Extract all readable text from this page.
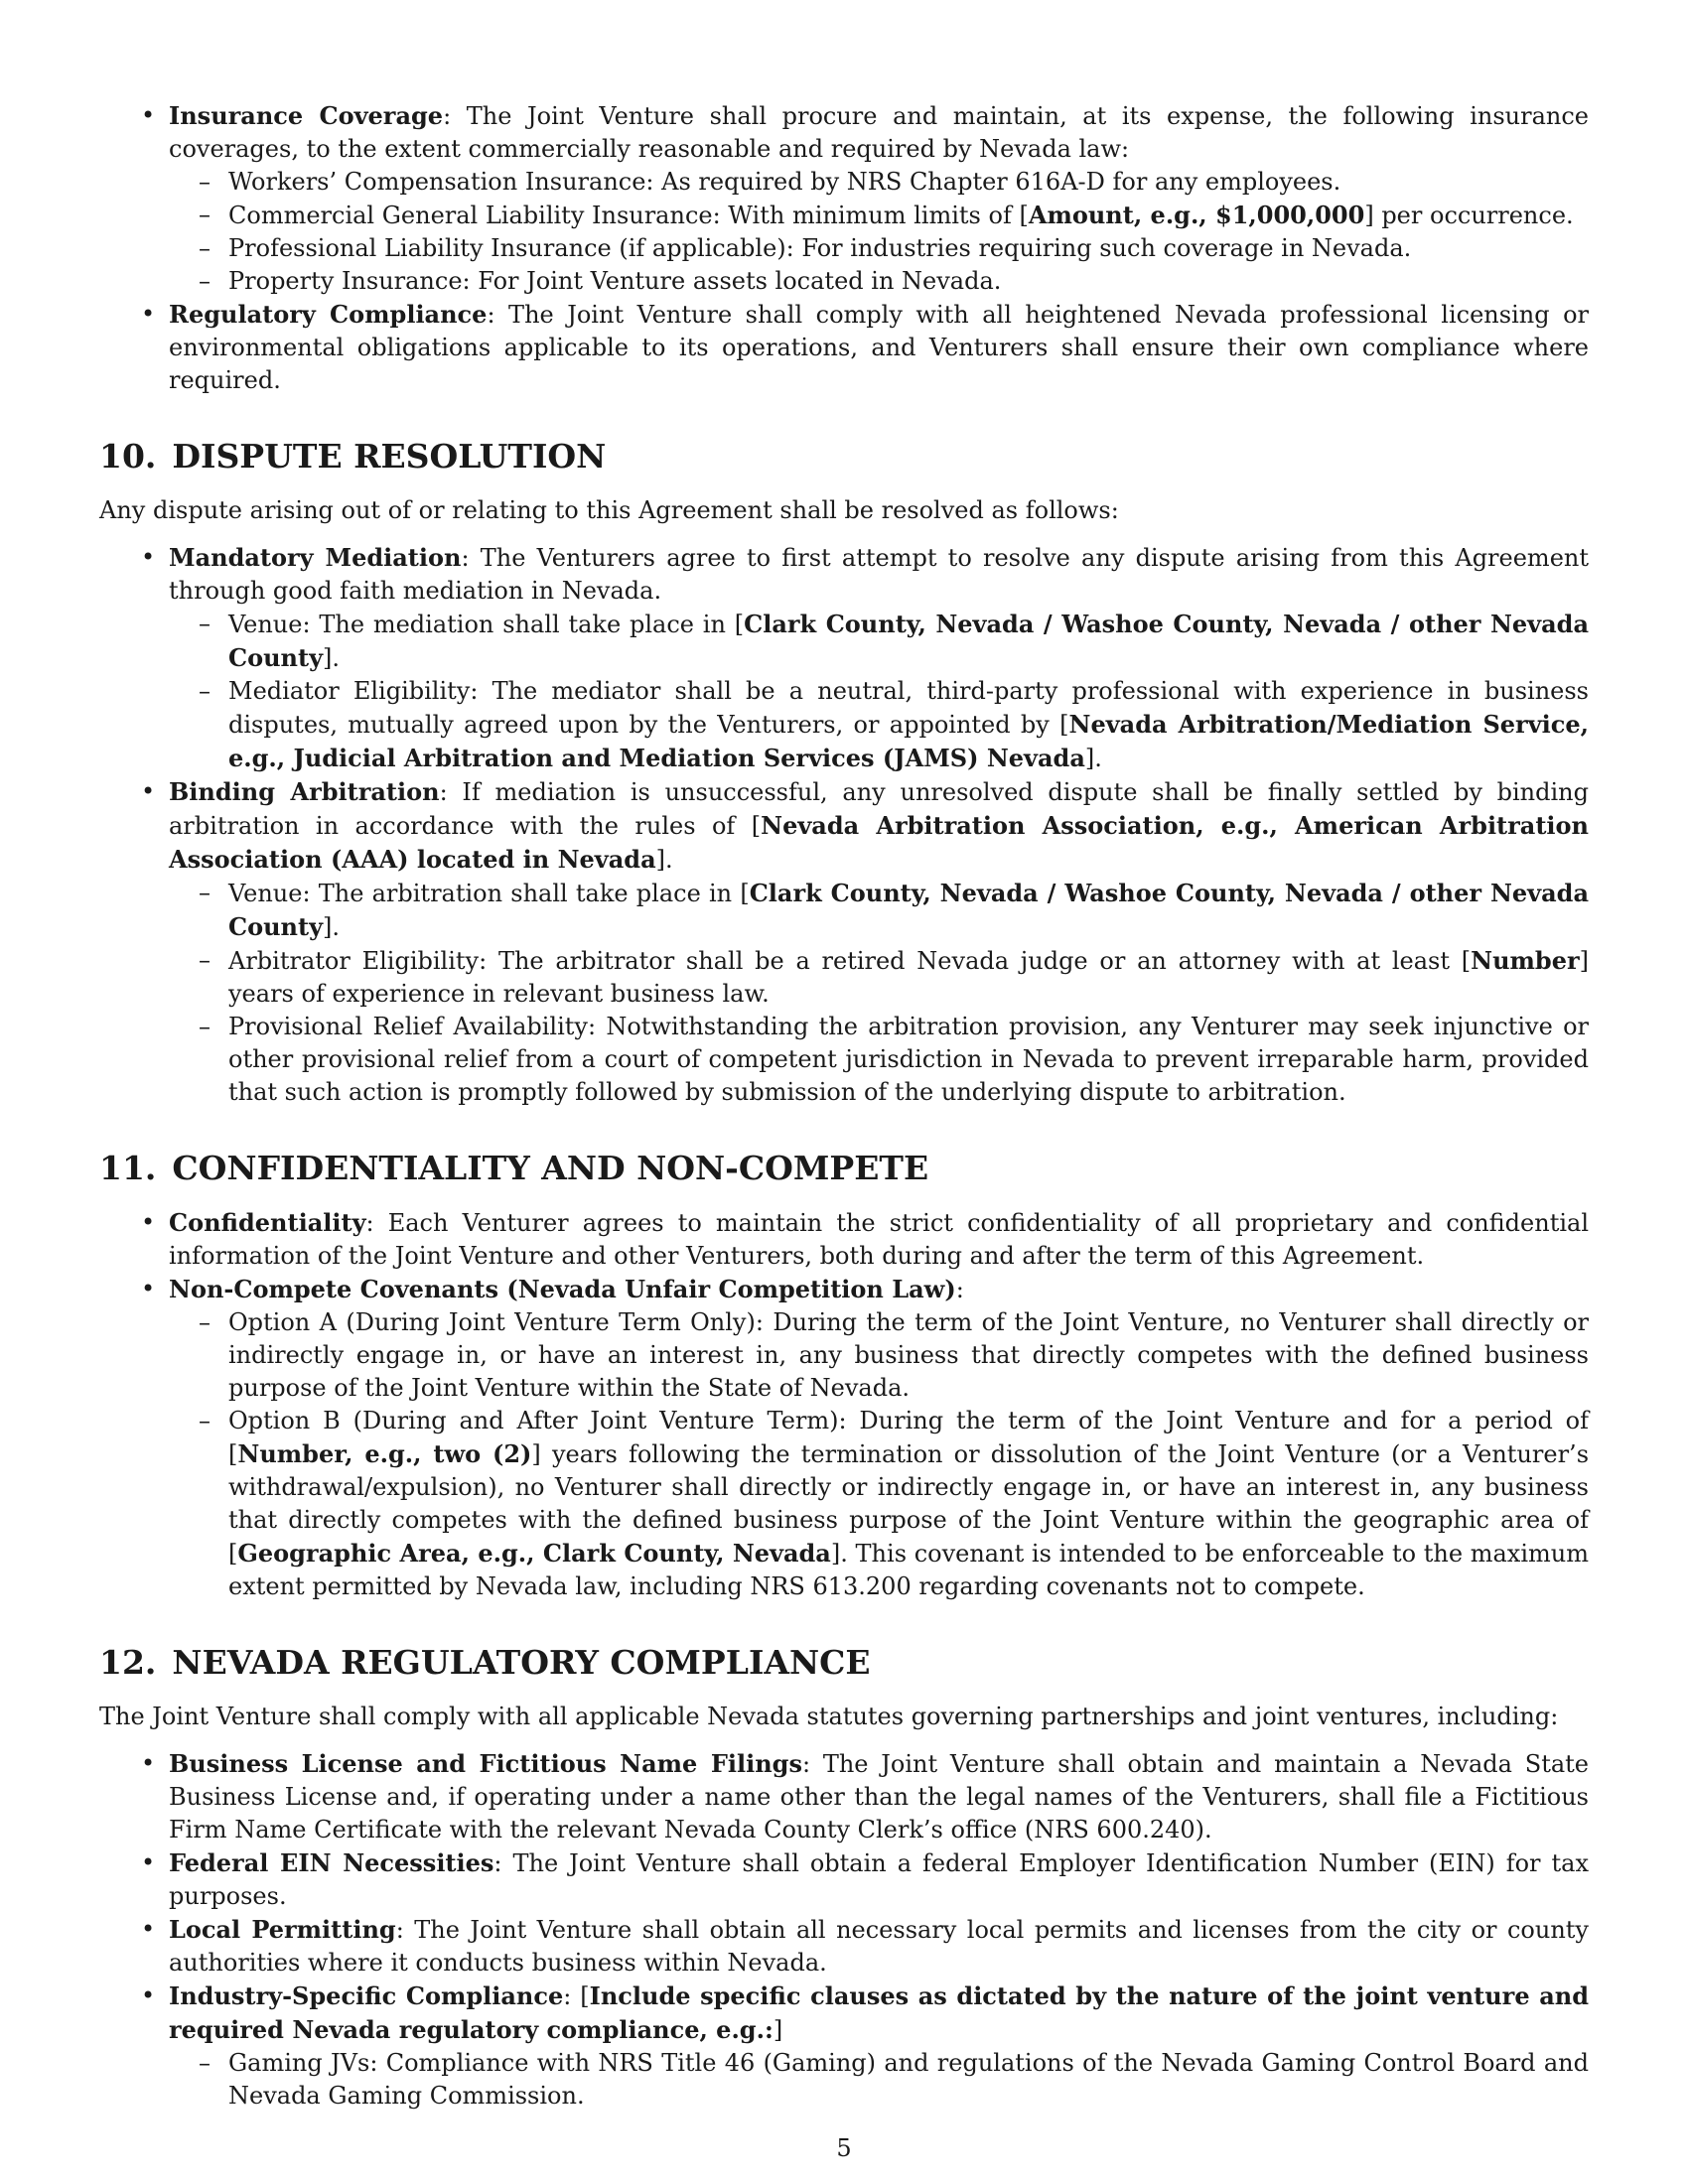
• Insurance Coverage: The Joint Venture shall procure and maintain, at its expense, the following insurance coverages, to the extent commercially reasonable and required by Nevada law:
– Workers’ Compensation Insurance: As required by NRS Chapter 616A-D for any employees.
– Commercial General Liability Insurance: With minimum limits of [Amount, e.g., $1,000,000] per occurrence.
– Professional Liability Insurance (if applicable): For industries requiring such coverage in Nevada.
– Property Insurance: For Joint Venture assets located in Nevada.
• Regulatory Compliance: The Joint Venture shall comply with all heightened Nevada professional licensing or environmental obligations applicable to its operations, and Venturers shall ensure their own compliance where required.
10. DISPUTE RESOLUTION

Any dispute arising out of or relating to this Agreement shall be resolved as follows:

• Mandatory Mediation: The Venturers agree to first attempt to resolve any dispute arising from this Agreement through good faith mediation in Nevada.
– Venue: The mediation shall take place in [Clark County, Nevada / Washoe County, Nevada / other Nevada County].
– Mediator Eligibility: The mediator shall be a neutral, third-party professional with experience in business disputes, mutually agreed upon by the Venturers, or appointed by [Nevada Arbitration/Mediation Service, e.g., Judicial Arbitration and Mediation Services (JAMS) Nevada].
• Binding Arbitration: If mediation is unsuccessful, any unresolved dispute shall be finally settled by binding arbitration in accordance with the rules of [Nevada Arbitration Association, e.g., American Arbitration Association (AAA) located in Nevada].
– Venue: The arbitration shall take place in [Clark County, Nevada / Washoe County, Nevada / other Nevada County].
– Arbitrator Eligibility: The arbitrator shall be a retired Nevada judge or an attorney with at least [Number] years of experience in relevant business law.
– Provisional Relief Availability: Notwithstanding the arbitration provision, any Venturer may seek injunctive or other provisional relief from a court of competent jurisdiction in Nevada to prevent irreparable harm, provided that such action is promptly followed by submission of the underlying dispute to arbitration.
11. CONFIDENTIALITY AND NON-COMPETE
• Confidentiality: Each Venturer agrees to maintain the strict confidentiality of all proprietary and confidential information of the Joint Venture and other Venturers, both during and after the term of this Agreement.
• Non-Compete Covenants (Nevada Unfair Competition Law):
– Option A (During Joint Venture Term Only): During the term of the Joint Venture, no Venturer shall directly or indirectly engage in, or have an interest in, any business that directly competes with the defined business purpose of the Joint Venture within the State of Nevada.
– Option B (During and After Joint Venture Term): During the term of the Joint Venture and for a period of [Number, e.g., two (2)] years following the termination or dissolution of the Joint Venture (or a Venturer’s withdrawal/expulsion), no Venturer shall directly or indirectly engage in, or have an interest in, any business that directly competes with the defined business purpose of the Joint Venture within the geographic area of [Geographic Area, e.g., Clark County, Nevada]. This covenant is intended to be enforceable to the maximum extent permitted by Nevada law, including NRS 613.200 regarding covenants not to compete.
12. NEVADA REGULATORY COMPLIANCE

The Joint Venture shall comply with all applicable Nevada statutes governing partnerships and joint ventures, including:

• Business License and Fictitious Name Filings: The Joint Venture shall obtain and maintain a Nevada State Business License and, if operating under a name other than the legal names of the Venturers, shall file a Fictitious Firm Name Certificate with the relevant Nevada County Clerk’s office (NRS 600.240).
• Federal EIN Necessities: The Joint Venture shall obtain a federal Employer Identification Number (EIN) for tax purposes.
• Local Permitting: The Joint Venture shall obtain all necessary local permits and licenses from the city or county authorities where it conducts business within Nevada.
• Industry-Specific Compliance: [Include specific clauses as dictated by the nature of the joint venture and required Nevada regulatory compliance, e.g.:]
– Gaming JVs: Compliance with NRS Title 46 (Gaming) and regulations of the Nevada Gaming Control Board and Nevada Gaming Commission.
5
